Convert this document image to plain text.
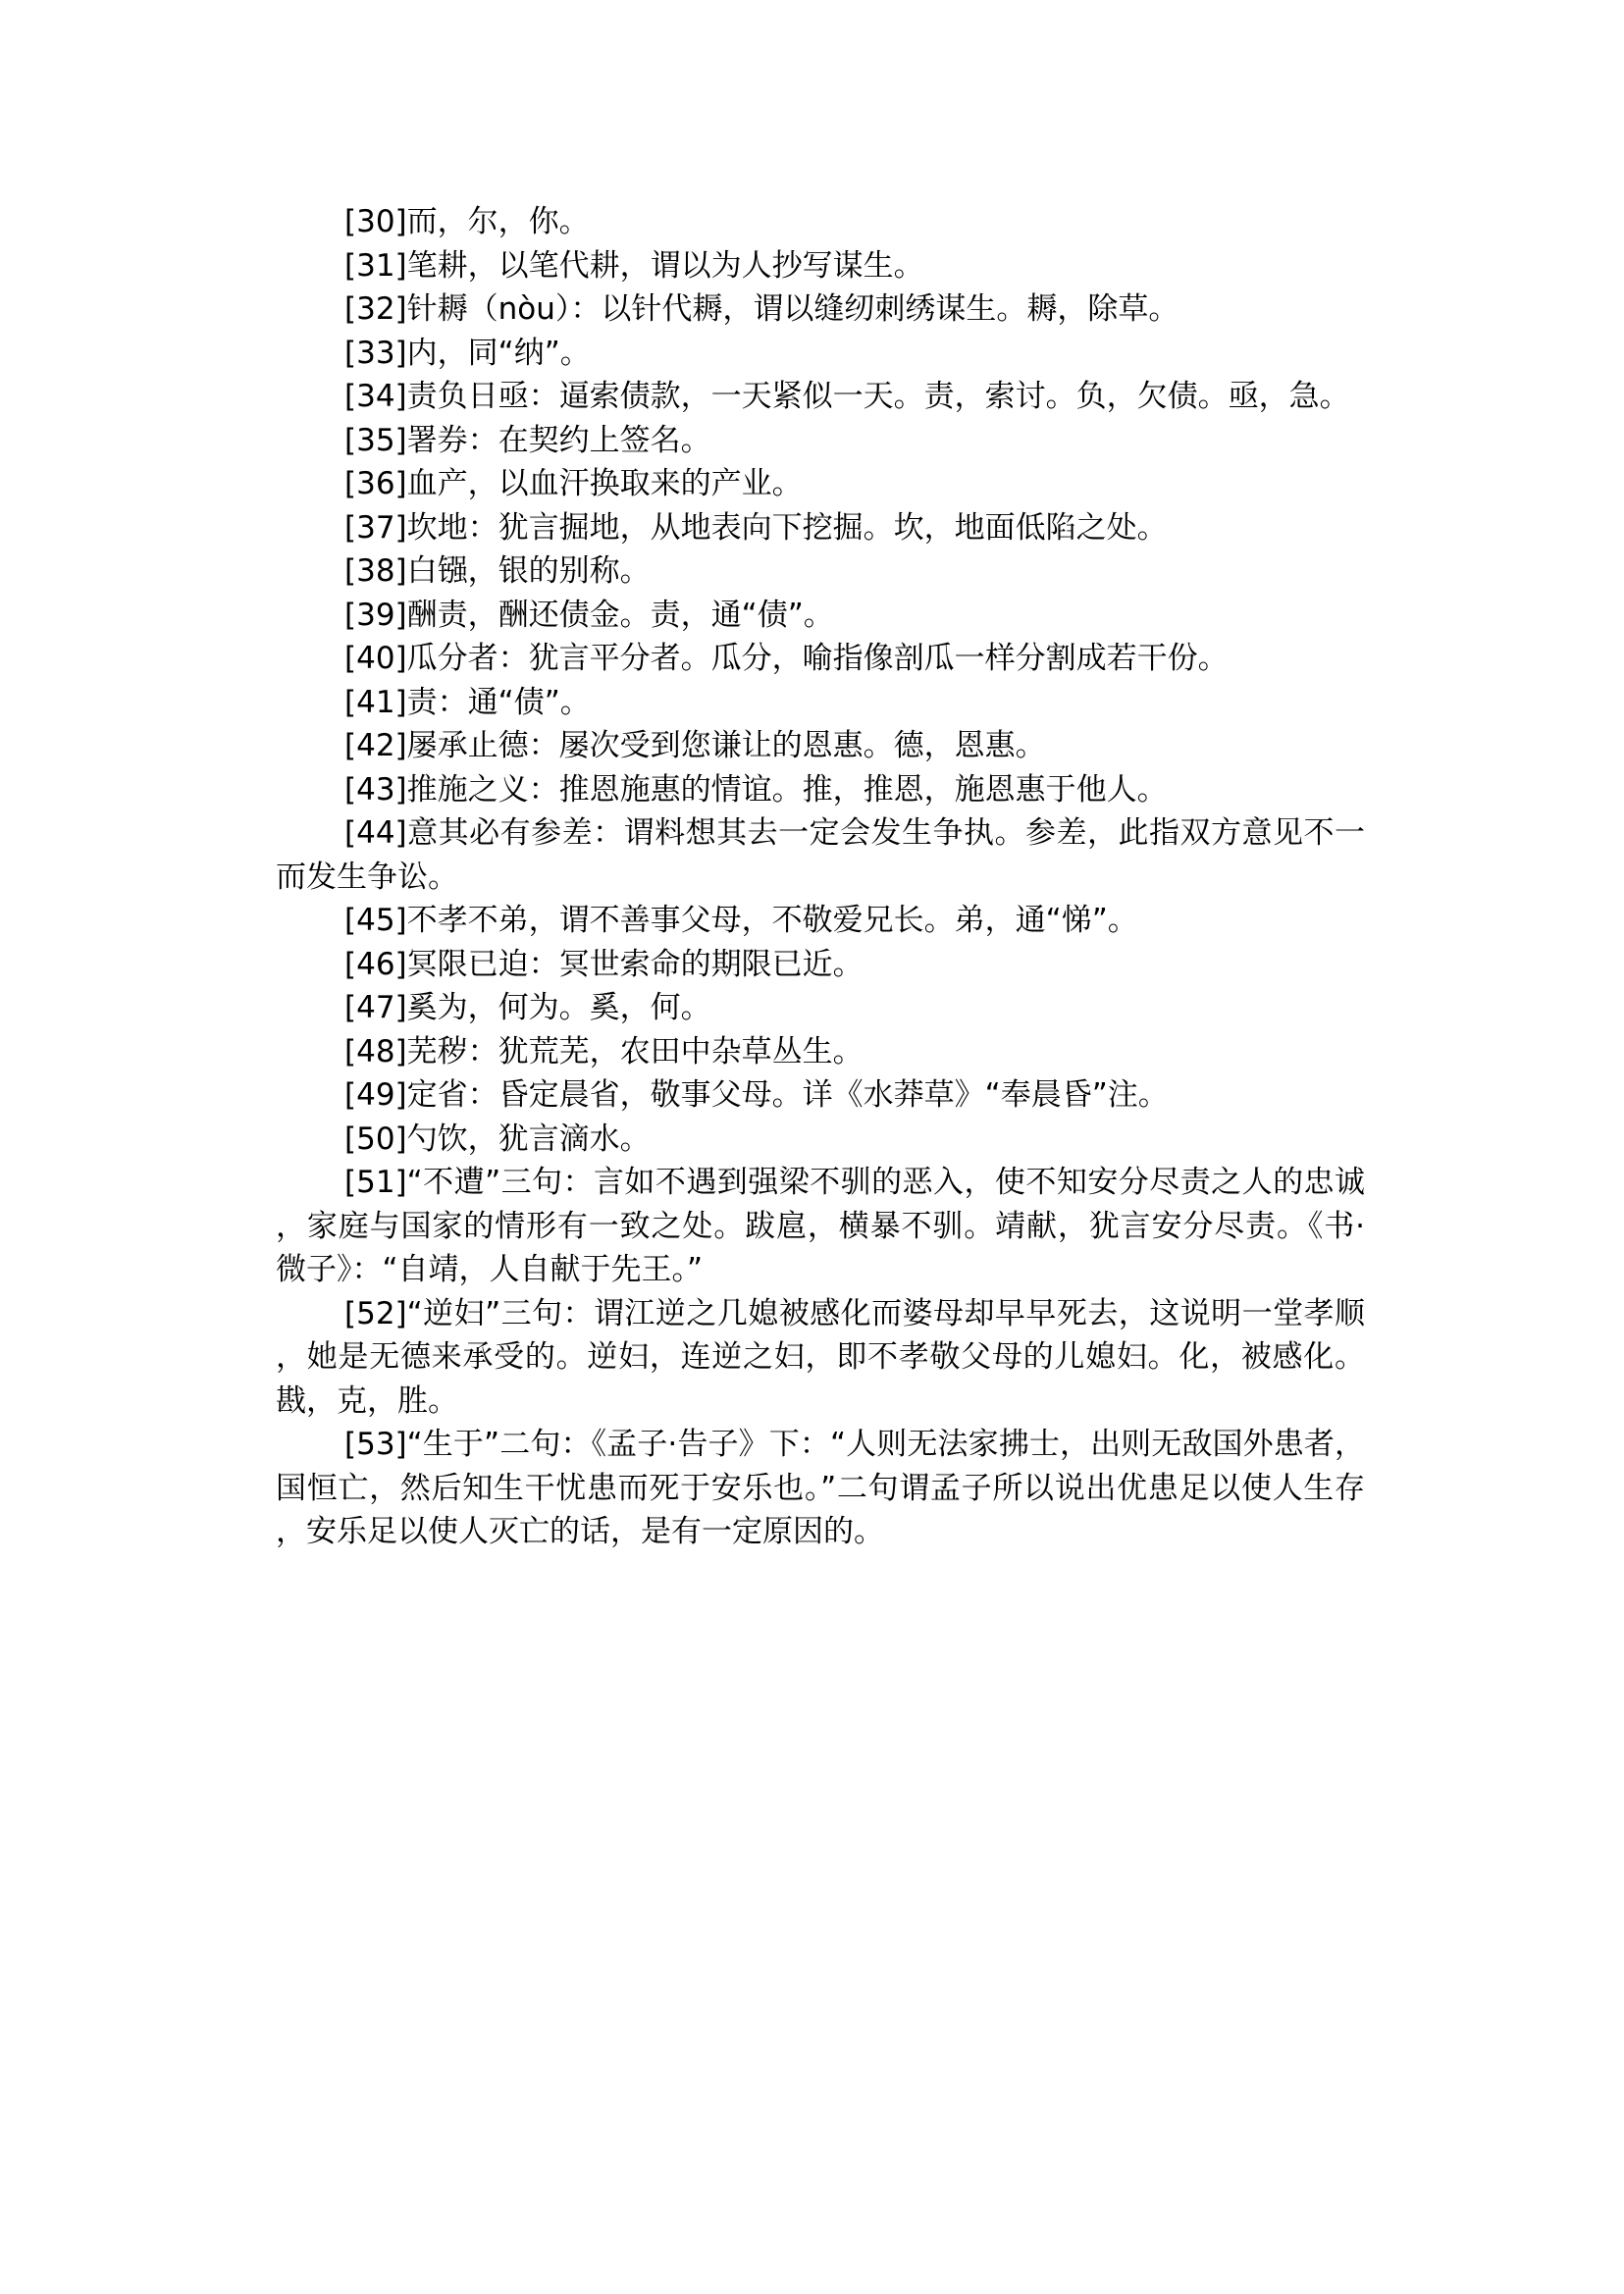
[30]而，尔，你。

[31]笔耕，以笔代耕，谓以为人抄写谋生。

[32]针耨（nòu）：以针代耨，谓以缝纫刺绣谋生。耨，除草。

[33]内，同“纳”。

[34]责负日亟：逼索债款，一天紧似一天。责，索讨。负，欠债。亟，急。

[35]署券：在契约上签名。

[36]血产，以血汗换取来的产业。

[37]坎地：犹言掘地，从地表向下挖掘。坎，地面低陷之处。

[38]白镪，银的别称。

[39]酬责，酬还债金。责，通“债”。

[40]瓜分者：犹言平分者。瓜分，喻指像剖瓜一样分割成若干份。

[41]责：通“债”。

[42]屡承止德：屡次受到您谦让的恩惠。德，恩惠。

[43]推施之义：推恩施惠的情谊。推，推恩，施恩惠于他人。

[44]意其必有参差：谓料想其去一定会发生争执。参差，此指双方意见不一而发生争讼。

[45]不孝不弟，谓不善事父母，不敬爱兄长。弟，通“悌”。

[46]冥限已迫：冥世索命的期限已近。

[47]奚为，何为。奚，何。

[48]芜秽：犹荒芜，农田中杂草丛生。

[49]定省：昏定晨省，敬事父母。详《水莽草》“奉晨昏”注。

[50]勺饮，犹言滴水。

[51]“不遭”三句：言如不遇到强梁不驯的恶入，使不知安分尽责之人的忠诚，家庭与国家的情形有一致之处。跋扈，横暴不驯。靖献，犹言安分尽责。《书·微子》：“自靖，人自献于先王。”

[52]“逆妇”三句：谓江逆之几媳被感化而婆母却早早死去，这说明一堂孝顺，她是无德来承受的。逆妇，连逆之妇，即不孝敬父母的儿媳妇。化，被感化。戡，克，胜。

[53]“生于”二句：《孟子·告子》下：“人则无法家拂士，出则无敌国外患者，国恒亡，然后知生干忧患而死于安乐也。”二句谓孟子所以说出优患足以使人生存，安乐足以使人灭亡的话，是有一定原因的。
